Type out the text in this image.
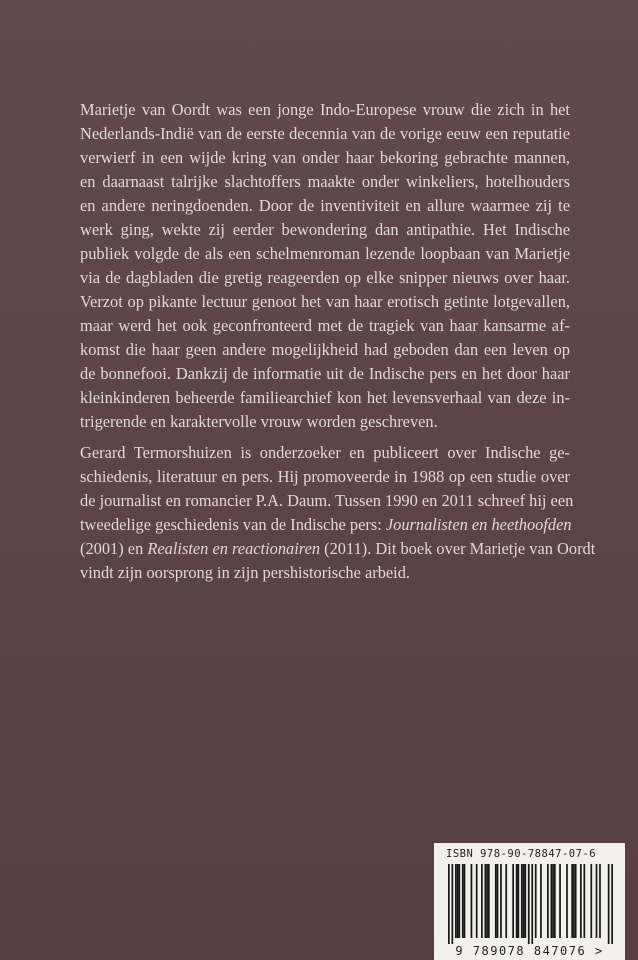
Marietje van Oordt was een jonge Indo-Europese vrouw die zich in het
Nederlands-Indië van de eerste decennia van de vorige eeuw een reputatie
verwierf in een wijde kring van onder haar bekoring gebrachte mannen,
en daarnaast talrijke slachtoffers maakte onder winkeliers, hotelhouders
en andere neringdoenden. Door de inventiviteit en allure waarmee zij te
werk ging, wekte zij eerder bewondering dan antipathie. Het Indische
publiek volgde de als een schelmenroman lezende loopbaan van Marietje
via de dagbladen die gretig reageerden op elke snipper nieuws over haar.
Verzot op pikante lectuur genoot het van haar erotisch getinte lotgevallen,
maar werd het ook geconfronteerd met de tragiek van haar kansarme af-
komst die haar geen andere mogelijkheid had geboden dan een leven op
de bonnefooi. Dankzij de informatie uit de Indische pers en het door haar
kleinkinderen beheerde familiearchief kon het levensverhaal van deze in-
trigerende en karaktervolle vrouw worden geschreven.
Gerard Termorshuizen is onderzoeker en publiceert over Indische ge-
schiedenis, literatuur en pers. Hij promoveerde in 1988 op een studie over
de journalist en romancier P.A. Daum. Tussen 1990 en 2011 schreef hij een
tweedelige geschiedenis van de Indische pers: Journalisten en heethoofden
(2001) en Realisten en reactionairen (2011). Dit boek over Marietje van Oordt
vindt zijn oorsprong in zijn pershistorische arbeid.
ISBN 978-90-78847-07-6
9 789078 847076 >
